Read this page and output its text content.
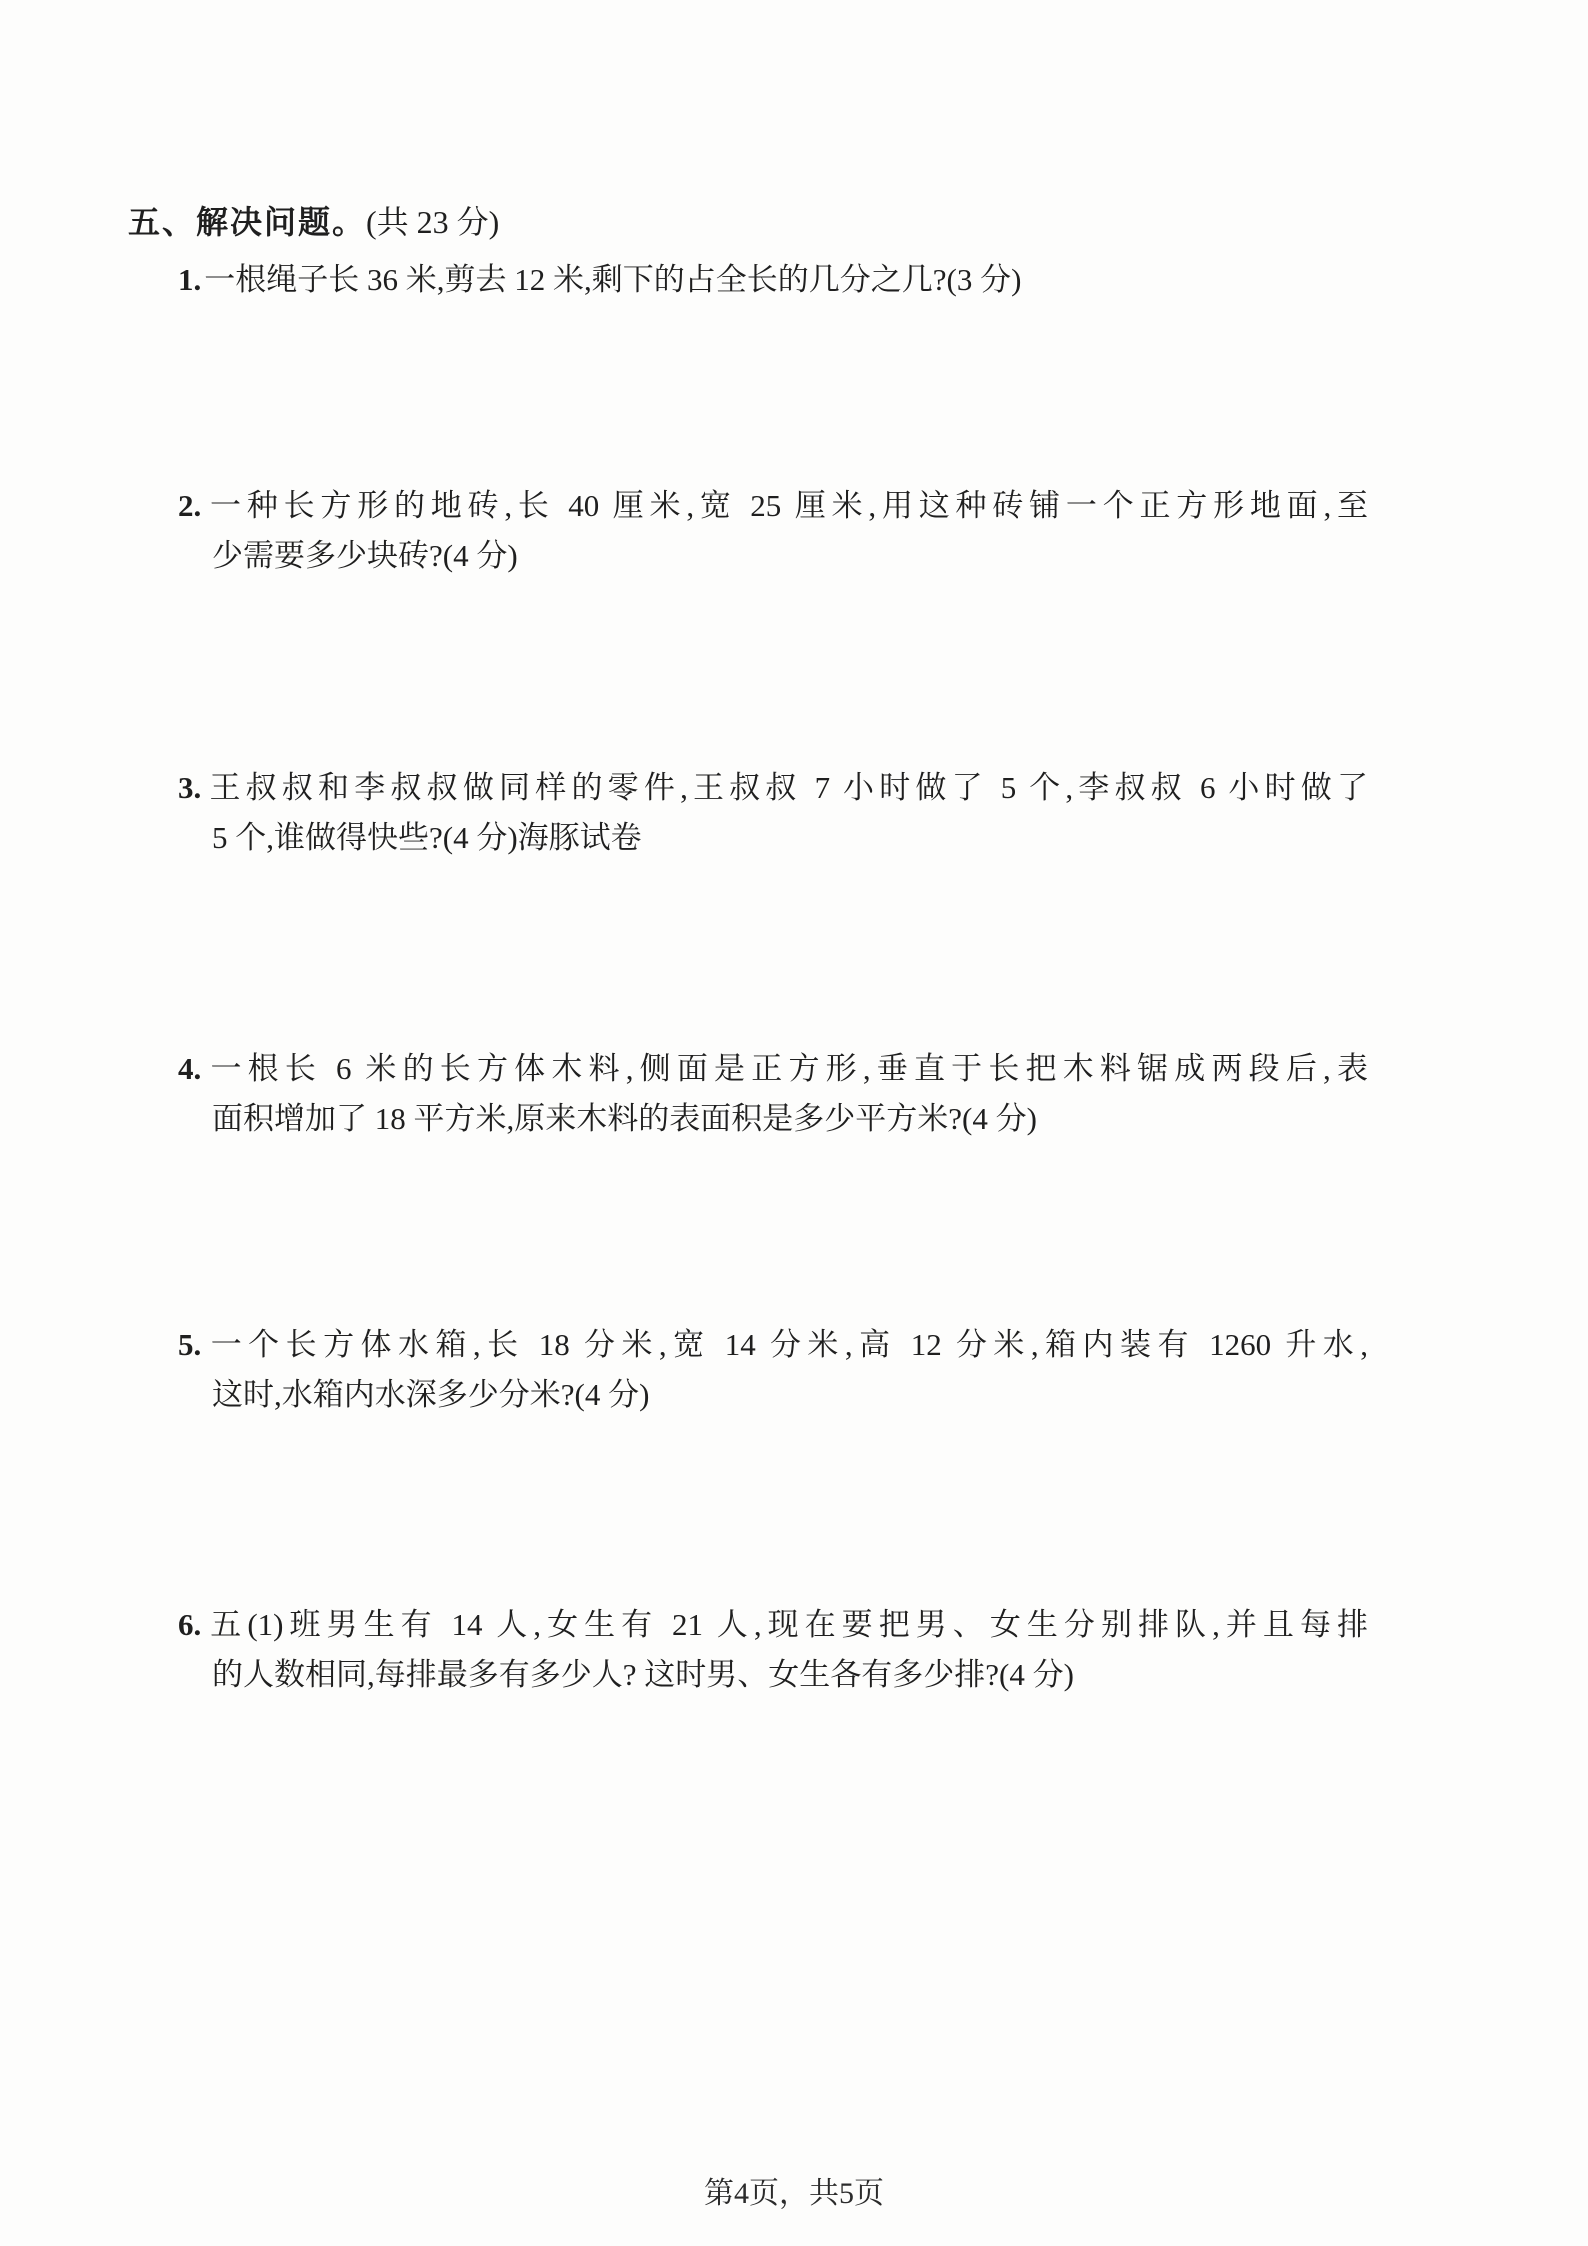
五、解决问题。(共 23 分)
1.一根绳子长 36 米,剪去 12 米,剩下的占全长的几分之几?(3 分)
2.一种长方形的地砖,长 40 厘米,宽 25 厘米,用这种砖铺一个正方形地面,至
少需要多少块砖?(4 分)
3.王叔叔和李叔叔做同样的零件,王叔叔 7 小时做了 5 个,李叔叔 6 小时做了
5 个,谁做得快些?(4 分)海豚试卷
4.一根长 6 米的长方体木料,侧面是正方形,垂直于长把木料锯成两段后,表
面积增加了 18 平方米,原来木料的表面积是多少平方米?(4 分)
5.一个长方体水箱,长 18 分米,宽 14 分米,高 12 分米,箱内装有 1260 升水,
这时,水箱内水深多少分米?(4 分)
6.五(1)班男生有 14 人,女生有 21 人,现在要把男、女生分别排队,并且每排
的人数相同,每排最多有多少人? 这时男、女生各有多少排?(4 分)
第4页，共5页
